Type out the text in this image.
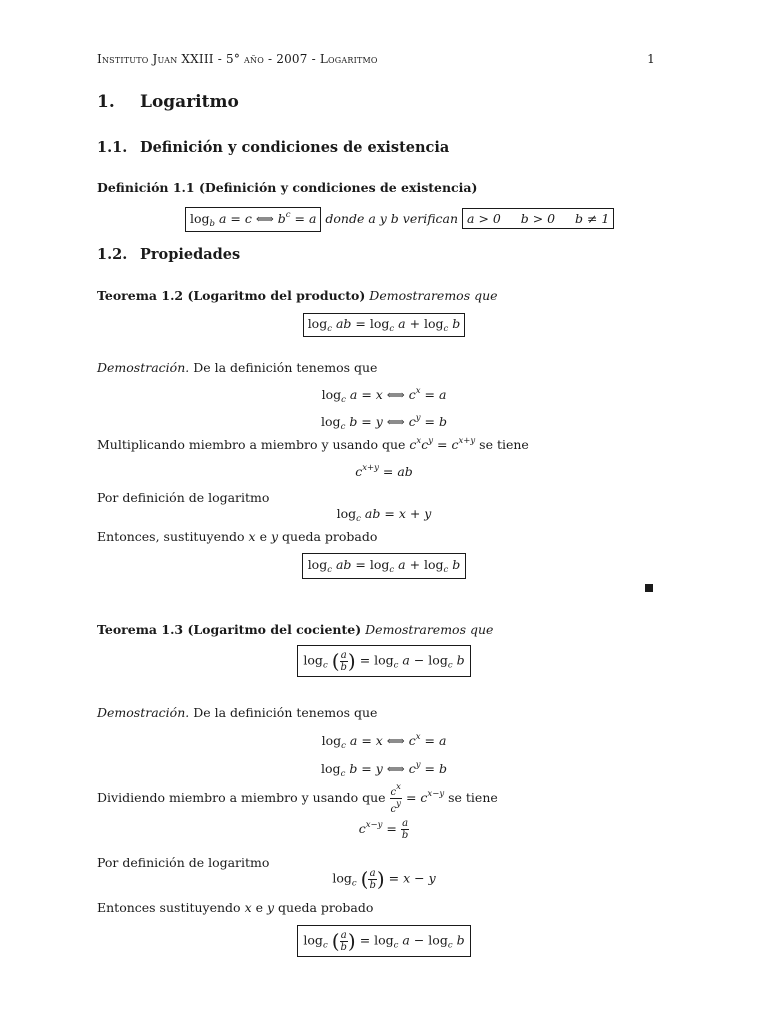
Instituto Juan XXIII - 5° año - 2007 - Logaritmo	1
1. Logaritmo
1.1. Definición y condiciones de existencia
Definición 1.1 (Definición y condiciones de existencia)
$\log_b a = c$ ⟺ $b^c = a$ donde a y b verifican a > 0 b > 0 b ≠ 1
1.2. Propiedades
Teorema 1.2 (Logaritmo del producto) Demostraremos que
$\log_c$ ab = $\log_c a + \log_c b$
Demostración. De la definición tenemos que
$\log_c a = x$ ⟺ $c^x = a$
$\log_c b = y$ ⟺ $c^y = b$
Multiplicando miembro a miembro y usando que $c^xc^y = c^{x+y}$ se tiene
$c^{x+y}$ = ab
Por definición de logaritmo
$\log_c$ ab = x + y
Entonces, sustituyendo x e y queda probado
$\log_c$ ab = $\log_c a + \log_c b$
Teorema 1.3 (Logaritmo del cociente) Demostraremos que
$\log_c$ ( $\frac{a}{b}$ ) = $\log_c a - \log_c b$
Demostración. De la definición tenemos que
$\log_c a = x$ ⟺ $c^x = a$
$\log_c b = y$ ⟺ $c^y = b$
Dividiendo miembro a miembro y usando que $\frac{c^x}{c^y} = c^{x-y}$ se tiene
$c^{x-y} = \frac{a}{b}$
Por definición de logaritmo
$\log_c$ ( $\frac{a}{b}$ ) = x − y
Entonces sustituyendo x e y queda probado
$\log_c$ ( $\frac{a}{b}$ ) = $\log_c a - \log_c b$
